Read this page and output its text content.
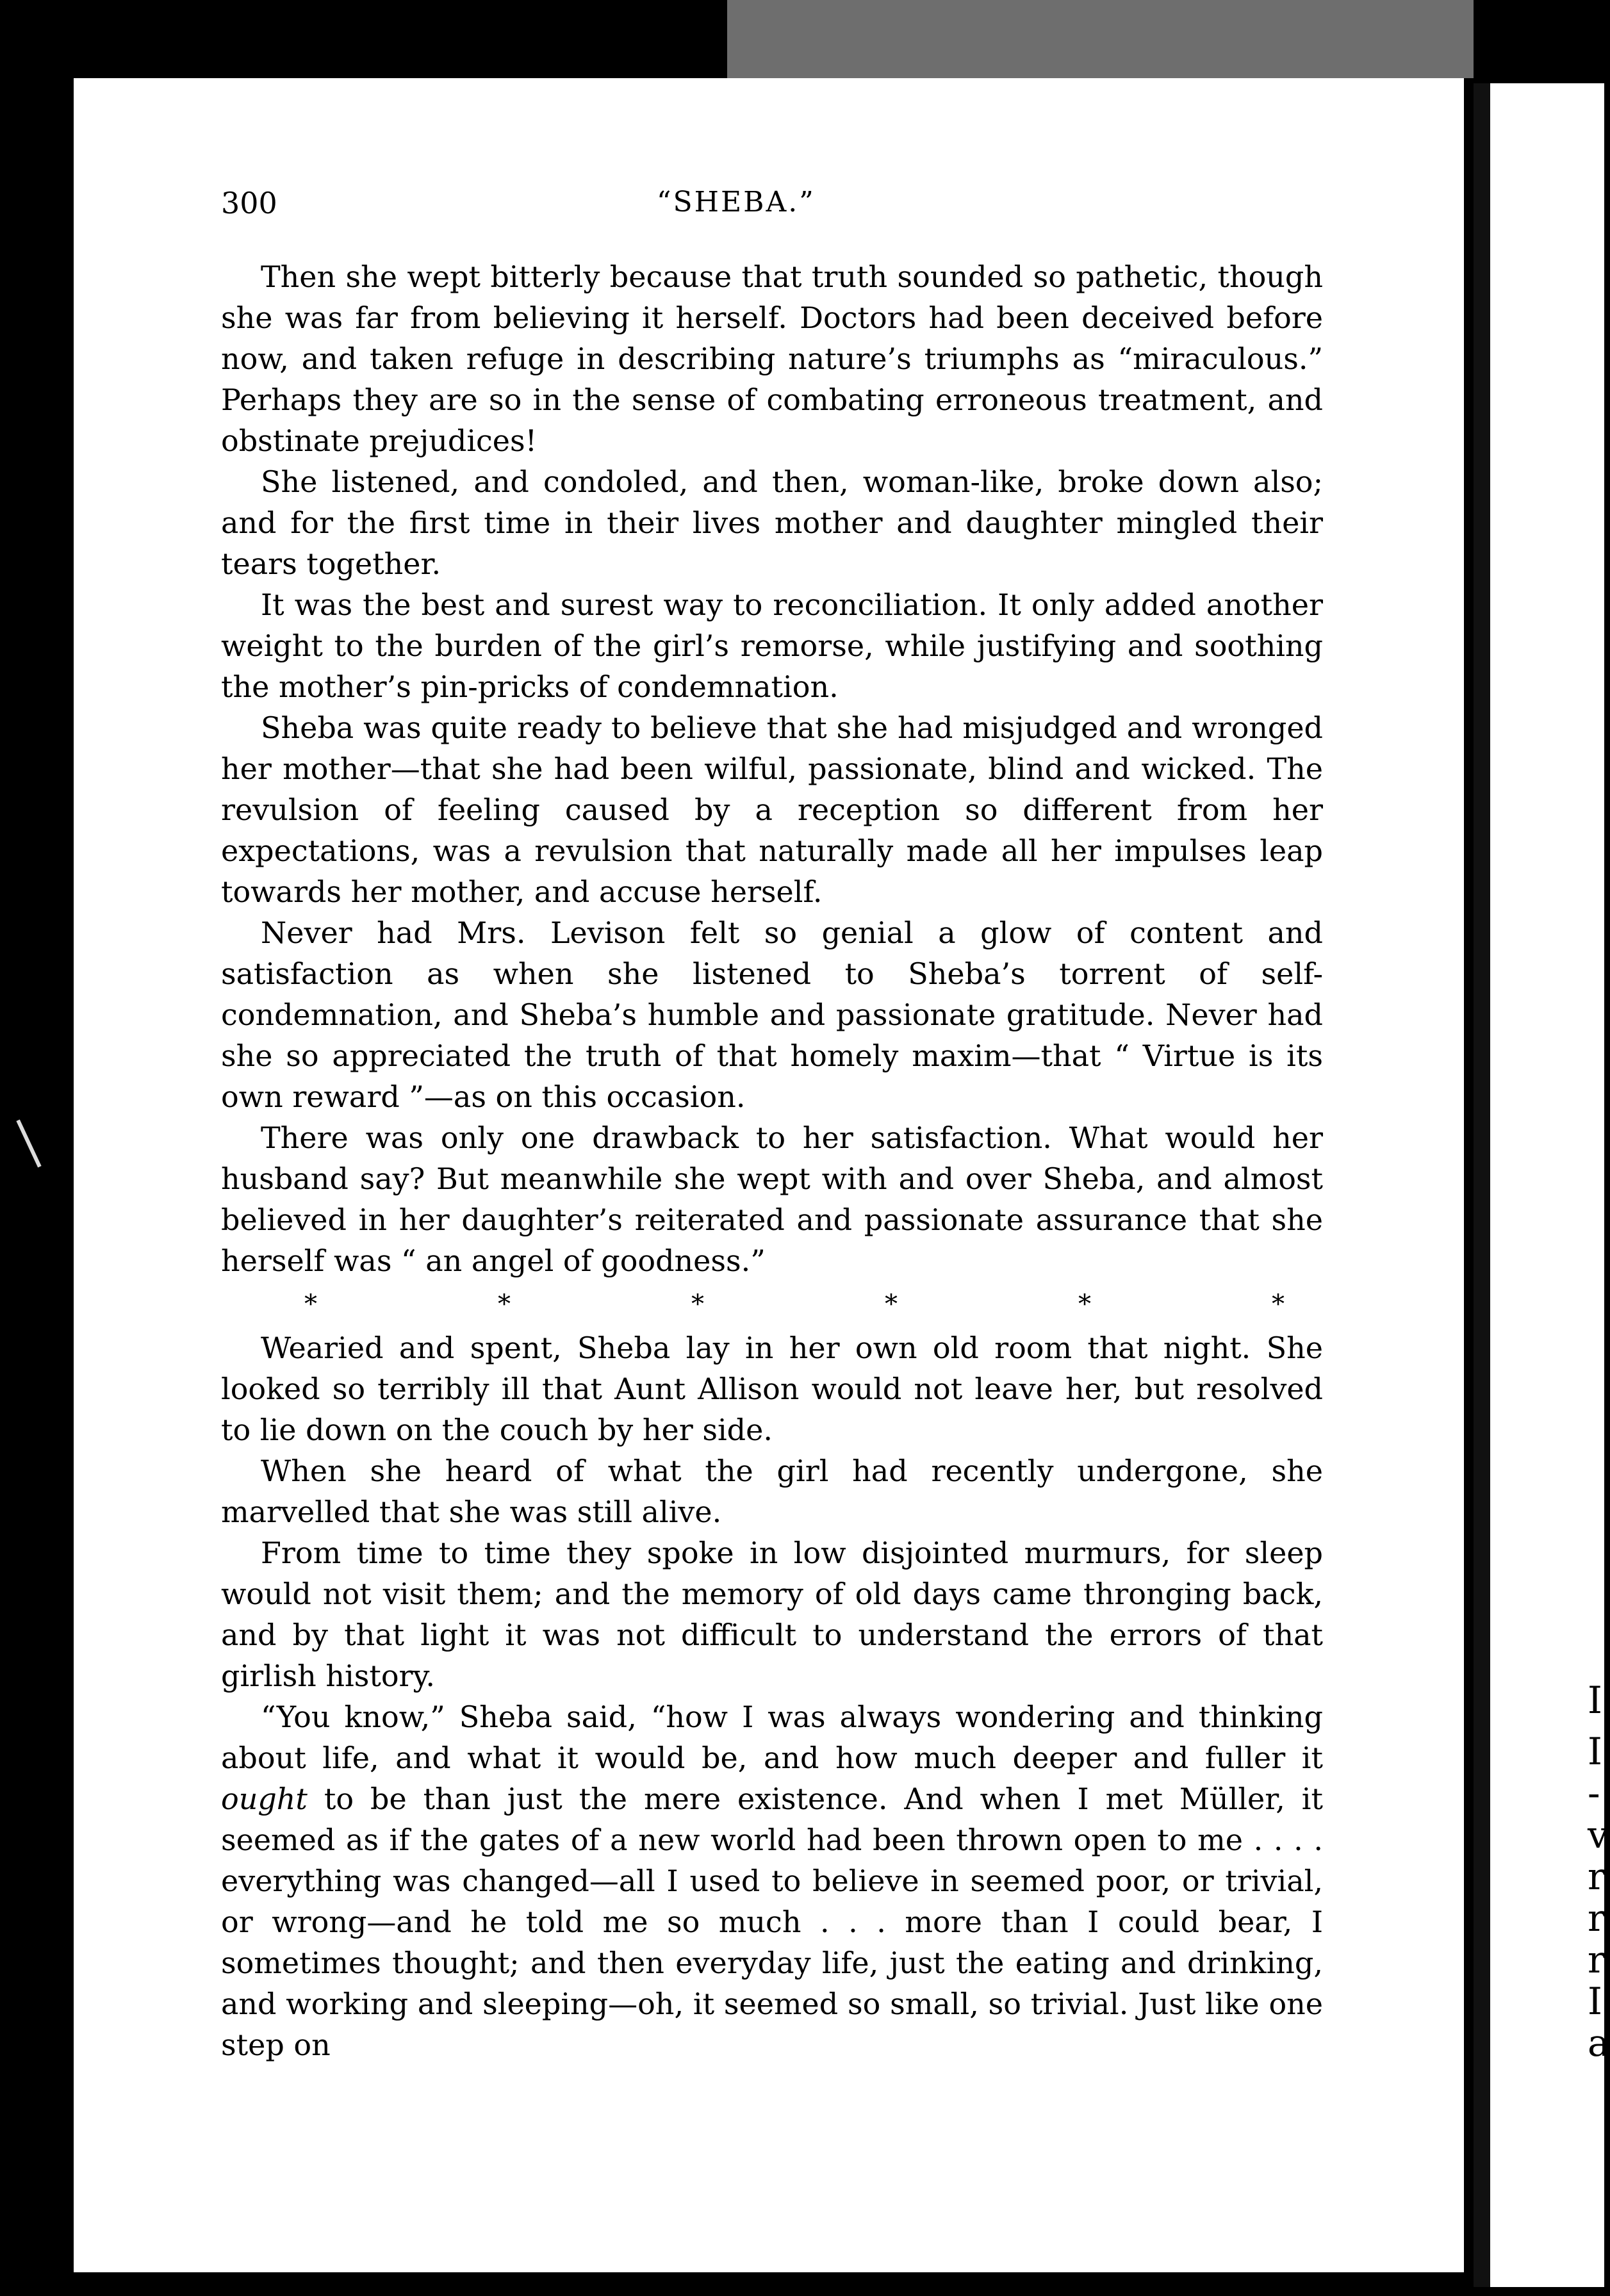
I
I
-
v
r
r
r
I
a
300	“SHEBA.”

Then she wept bitterly because that truth sounded so pathetic, though she was far from believing it herself. Doctors had been deceived before now, and taken refuge in describing nature’s triumphs as “miraculous.” Perhaps they are so in the sense of combating erroneous treatment, and obstinate prejudices!

She listened, and condoled, and then, woman-like, broke down also; and for the first time in their lives mother and daughter mingled their tears together.

It was the best and surest way to reconciliation. It only added another weight to the burden of the girl’s remorse, while justifying and soothing the mother’s pin-pricks of condemnation.

Sheba was quite ready to believe that she had misjudged and wronged her mother—that she had been wilful, passionate, blind and wicked. The revulsion of feeling caused by a reception so different from her expectations, was a revulsion that naturally made all her impulses leap towards her mother, and accuse herself.

Never had Mrs. Levison felt so genial a glow of content and satisfaction as when she listened to Sheba’s torrent of self-condemnation, and Sheba’s humble and passionate gratitude. Never had she so appreciated the truth of that homely maxim—that “ Virtue is its own reward ”—as on this occasion.

There was only one drawback to her satisfaction. What would her husband say? But meanwhile she wept with and over Sheba, and almost believed in her daughter’s reiterated and passionate assurance that she herself was “ an angel of goodness.”

*	*	*	*	*	*

Wearied and spent, Sheba lay in her own old room that night. She looked so terribly ill that Aunt Allison would not leave her, but resolved to lie down on the couch by her side.

When she heard of what the girl had recently undergone, she marvelled that she was still alive.

From time to time they spoke in low disjointed murmurs, for sleep would not visit them; and the memory of old days came thronging back, and by that light it was not difficult to understand the errors of that girlish history.

“You know,” Sheba said, “how I was always wondering and thinking about life, and what it would be, and how much deeper and fuller it ought to be than just the mere existence. And when I met Müller, it seemed as if the gates of a new world had been thrown open to me . . . . everything was changed—all I used to believe in seemed poor, or trivial, or wrong—and he told me so much . . . more than I could bear, I sometimes thought; and then everyday life, just the eating and drinking, and working and sleeping—oh, it seemed so small, so trivial. Just like one step on
